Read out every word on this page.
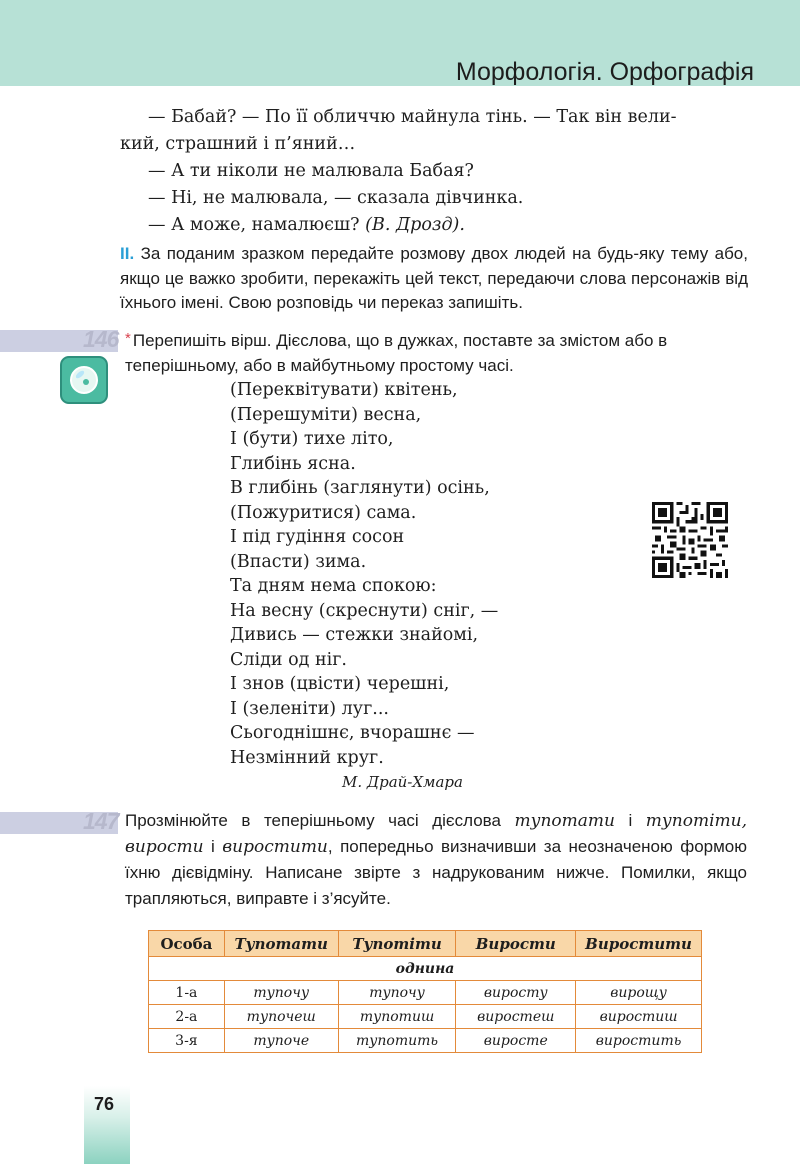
Морфологія. Орфографія

— Бабай? — По її обличчю майнула тінь. — Так він вели-

кий, страшний і п’яний…

— А ти ніколи не малювала Бабая?

— Ні, не малювала, — сказала дівчинка.

— А може, намалюєш? (В. Дрозд).

ІІ. За поданим зразком передайте розмову двох людей на будь-яку тему або, якщо це важко зробити, перекажіть цей текст, передаючи слова персонажів від їхнього імені. Свою розповідь чи переказ запишіть.
146 * Перепишіть вірш. Дієслова, що в дужках, поставте за змістом або в теперішньому, або в майбутньому простому часі.

(Переквітувати) квітень,

(Перешуміти) весна,

І (бути) тихе літо,

Глибінь ясна.

В глибінь (заглянути) осінь,

(Пожуритися) сама.

І під гудіння сосон

(Впасти) зима.

Та дням нема спокою:

На весну (скреснути) сніг, —

Дивись — стежки знайомі,

Сліди од ніг.

І знов (цвісти) черешні,

І (зеленіти) луг...

Сьогоднішнє, вчорашнє —

Незмінний круг.

М. Драй-Хмара
147 Прозмінюйте в теперішньому часі дієслова тупотати і тупотіти, вирости і виростити, попередньо визначивши за неозначеною формою їхню дієвідміну. Написане звірте з надрукованим нижче. Помилки, якщо трапляються, виправте і з’ясуйте.
Особа	Тупотати	Тупотіти	Вирости	Виростити
однина				
1-а	тупочу	тупочу	виросту	вирощу
2-а	тупочеш	тупотиш	виростеш	виростиш
3-я	тупоче	тупотить	виросте	виростить
76
